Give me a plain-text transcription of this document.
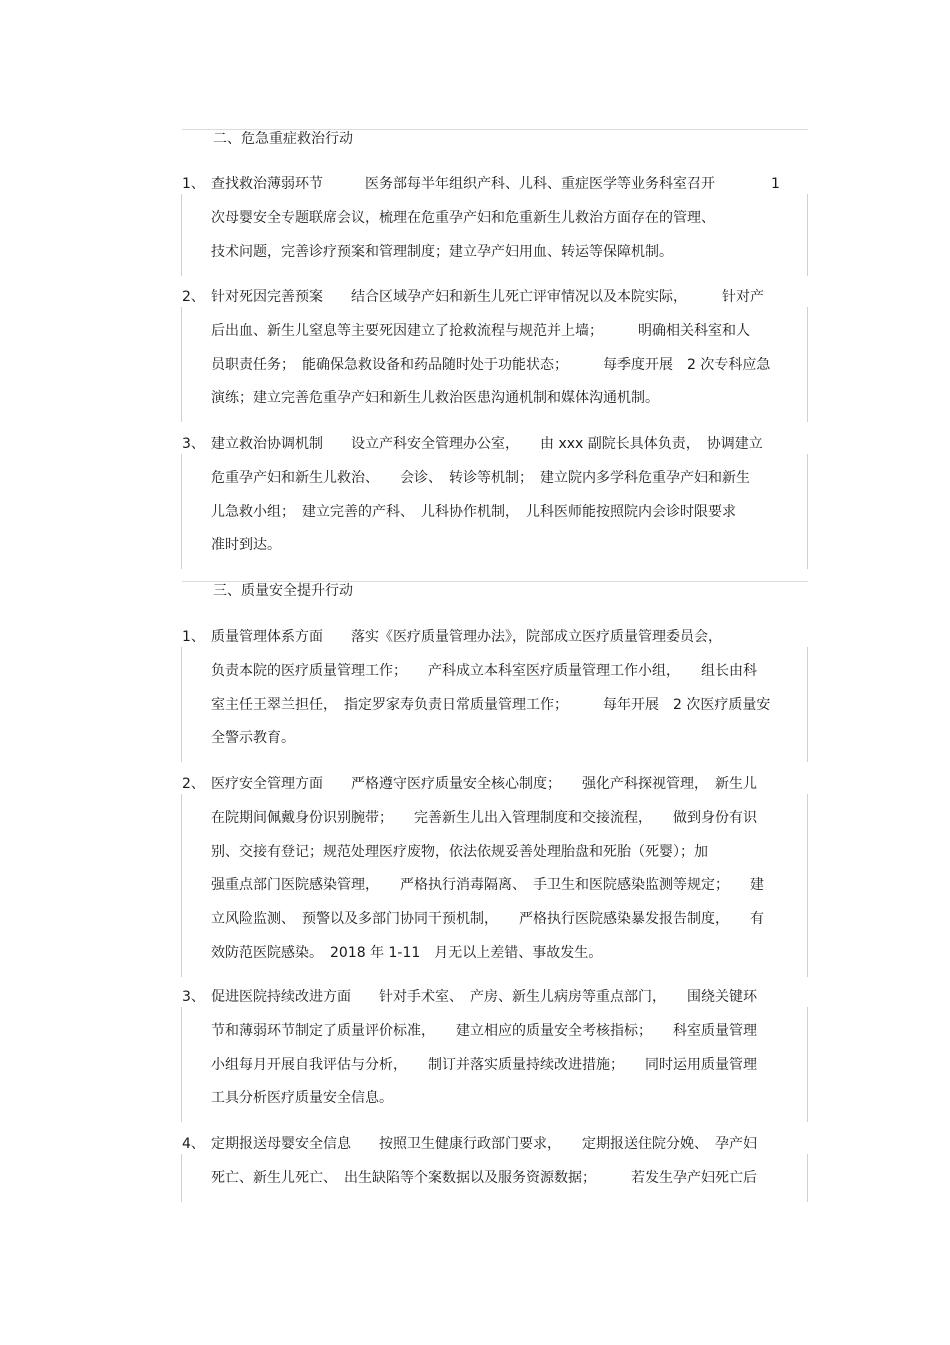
二、危急重症救治行动
1、 查找救治薄弱环节　　　医务部每半年组织产科、儿科、重症医学等业务科室召开　　　　1
次母婴安全专题联席会议，梳理在危重孕产妇和危重新生儿救治方面存在的管理、
技术问题，完善诊疗预案和管理制度；建立孕产妇用血、转运等保障机制。
2、 针对死因完善预案　　结合区域孕产妇和新生儿死亡评审情况以及本院实际，　　　针对产
后出血、新生儿窒息等主要死因建立了抢救流程与规范并上墙；　　　明确相关科室和人
员职责任务；　能确保急救设备和药品随时处于功能状态；　　　每季度开展　2 次专科应急
演练；建立完善危重孕产妇和新生儿救治医患沟通机制和媒体沟通机制。
3、 建立救治协调机制　　设立产科安全管理办公室，　　由 xxx 副院长具体负责，　协调建立
危重孕产妇和新生儿救治、　　会诊、　转诊等机制；　建立院内多学科危重孕产妇和新生
儿急救小组；　建立完善的产科、　儿科协作机制，　儿科医师能按照院内会诊时限要求
准时到达。
三、质量安全提升行动
1、 质量管理体系方面　　落实《医疗质量管理办法》，院部成立医疗质量管理委员会，
负责本院的医疗质量管理工作；　　产科成立本科室医疗质量管理工作小组，　　组长由科
室主任王翠兰担任，　指定罗家寿负责日常质量管理工作；　　　每年开展　2 次医疗质量安
全警示教育。
2、 医疗安全管理方面　　严格遵守医疗质量安全核心制度；　　强化产科探视管理，　新生儿
在院期间佩戴身份识别腕带；　　完善新生儿出入管理制度和交接流程，　　做到身份有识
别、交接有登记；规范处理医疗废物，依法依规妥善处理胎盘和死胎（死婴）；加
强重点部门医院感染管理，　　严格执行消毒隔离、　手卫生和医院感染监测等规定；　　建
立风险监测、　预警以及多部门协同干预机制，　　严格执行医院感染暴发报告制度，　　有
效防范医院感染。　2018 年 1-11　月无以上差错、事故发生。
3、 促进医院持续改进方面　　针对手术室、　产房、新生儿病房等重点部门，　　围绕关键环
节和薄弱环节制定了质量评价标准，　　建立相应的质量安全考核指标；　　科室质量管理
小组每月开展自我评估与分析，　　制订并落实质量持续改进措施；　　同时运用质量管理
工具分析医疗质量安全信息。
4、 定期报送母婴安全信息　　按照卫生健康行政部门要求，　　定期报送住院分娩、　孕产妇
死亡、新生儿死亡、　出生缺陷等个案数据以及服务资源数据；　　　若发生孕产妇死亡后
